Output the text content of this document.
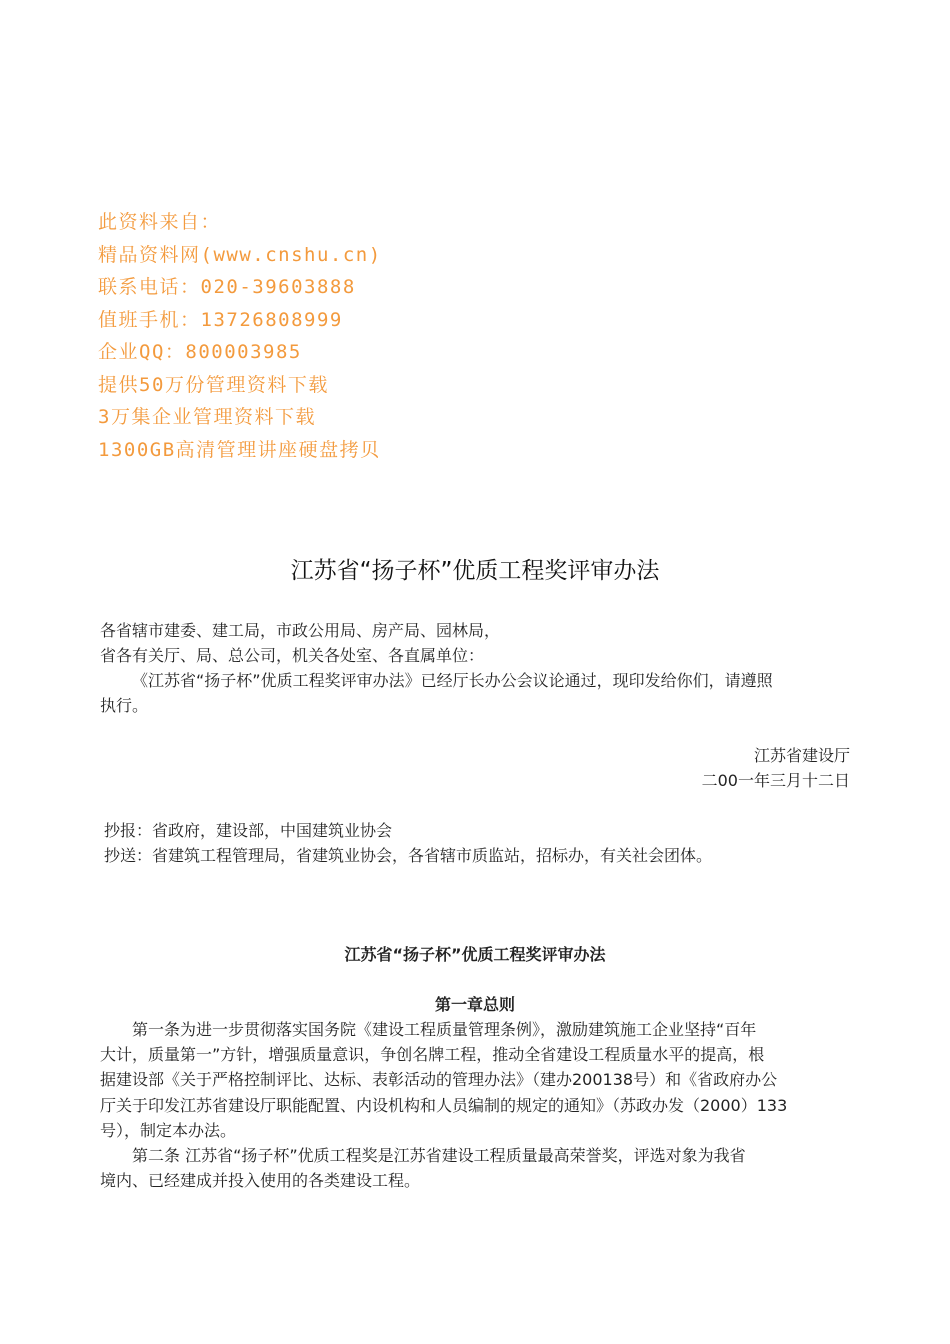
此资料来自：
精品资料网(www.cnshu.cn)
联系电话：020-39603888
值班手机：13726808999
企业QQ：800003985
提供50万份管理资料下载
3万集企业管理资料下载
1300GB高清管理讲座硬盘拷贝
江苏省“扬子杯”优质工程奖评审办法
各省辖市建委、建工局，市政公用局、房产局、园林局，
省各有关厅、局、总公司，机关各处室、各直属单位：
《江苏省“扬子杯”优质工程奖评审办法》已经厅长办公会议论通过，现印发给你们，请遵照
执行。
江苏省建设厅
二00一年三月十二日
抄报：省政府，建设部，中国建筑业协会
抄送：省建筑工程管理局，省建筑业协会，各省辖市质监站，招标办，有关社会团体。
江苏省“扬子杯”优质工程奖评审办法
第一章总则
第一条为进一步贯彻落实国务院《建设工程质量管理条例》，激励建筑施工企业坚持“百年
大计，质量第一”方针，增强质量意识，争创名牌工程，推动全省建设工程质量水平的提高，根
据建设部《关于严格控制评比、达标、表彰活动的管理办法》（建办200138号）和《省政府办公
厅关于印发江苏省建设厅职能配置、内设机构和人员编制的规定的通知》（苏政办发（2000）133
号），制定本办法。
第二条 江苏省“扬子杯”优质工程奖是江苏省建设工程质量最高荣誉奖，评选对象为我省
境内、已经建成并投入使用的各类建设工程。
